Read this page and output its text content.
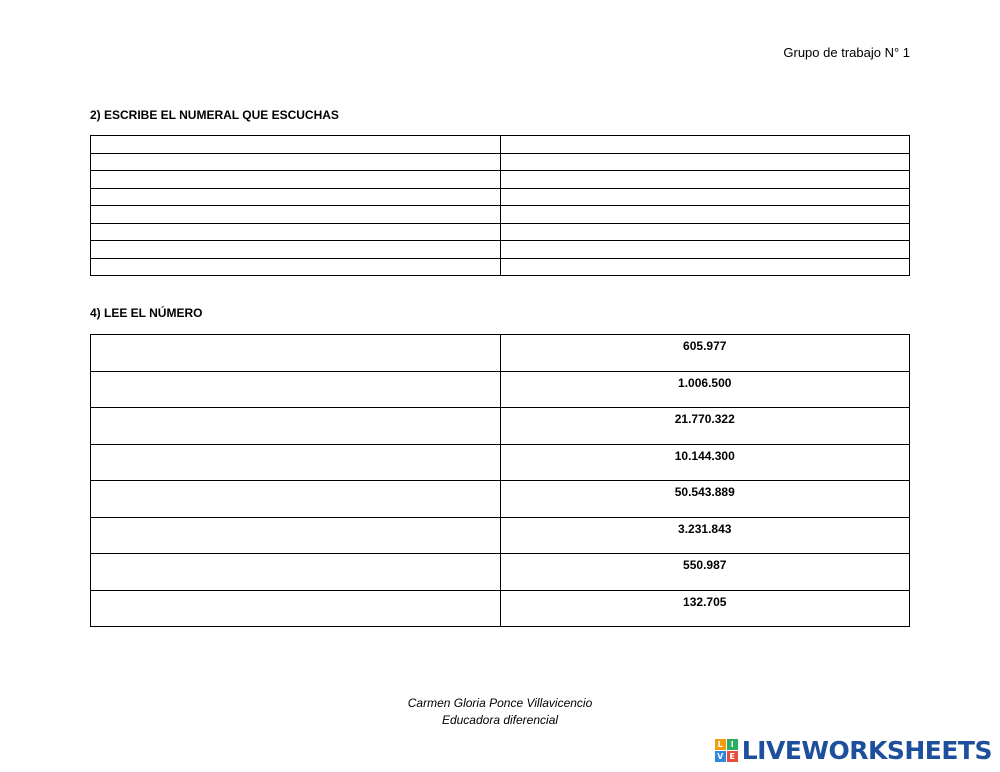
Grupo de trabajo N° 1
2) ESCRIBE EL NUMERAL QUE ESCUCHAS

4) LEE EL NÚMERO

	605.977

	1.006.500

	21.770.322

	10.144.300

	50.543.889

	3.231.843

	550.987

	132.705
Carmen Gloria Ponce Villavicencio
Educadora diferencial
L I
V E LIVEWORKSHEETS
